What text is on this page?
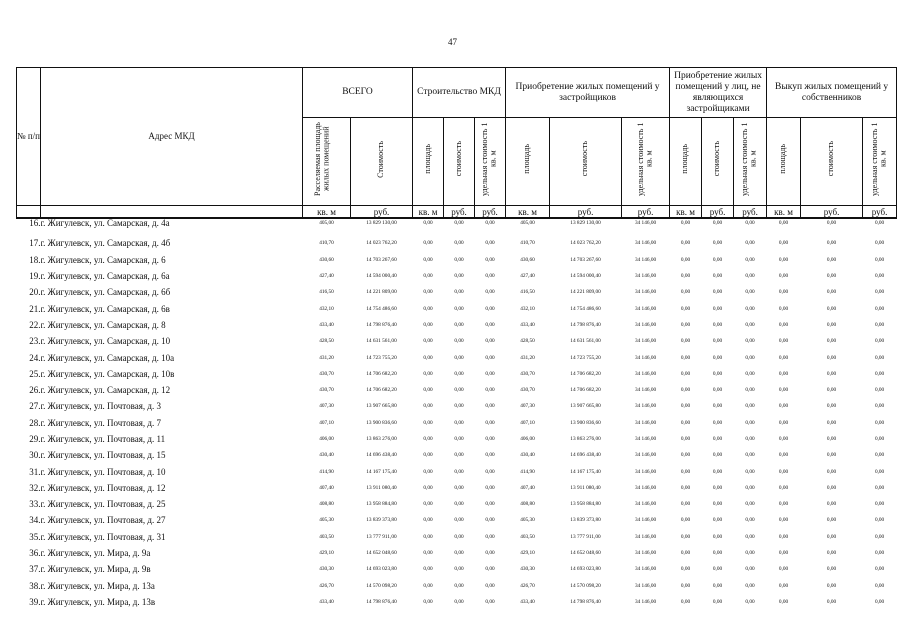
47
№ п/п	Адрес МКД	ВСЕГО		Строительство МКД			Приобретение жилых помещений у застройщиков			Приобретение жилых помещений у лиц, не являющихся застройщиками			Выкуп жилых помещений у собственников		
		Расселяемая площадь жилых помещений	Стоимость	площадь	стоимость	удельная стоимость 1 кв. м	площадь	стоимость	удельная стоимость 1 кв. м	площадь	стоимость	удельная стоимость 1 кв. м	площадь	стоимость	удельная стоимость 1 кв. м
		кв. м	руб.	кв. м	руб.	руб.	кв. м	руб.	руб.	кв. м	руб.	руб.	кв. м	руб.	руб.
16.	г. Жигулевск, ул. Самарская, д. 4а	405,00	13 829 130,00	0,00	0,00	0,00	405,00	13 829 130,00	34 146,00	0,00	0,00	0,00	0,00	0,00	0,00
17.	г. Жигулевск, ул. Самарская, д. 4б	410,70	14 023 762,20	0,00	0,00	0,00	410,70	14 023 762,20	34 146,00	0,00	0,00	0,00	0,00	0,00	0,00
18.	г. Жигулевск, ул. Самарская, д. 6	430,60	14 703 267,60	0,00	0,00	0,00	430,60	14 703 267,60	34 146,00	0,00	0,00	0,00	0,00	0,00	0,00
19.	г. Жигулевск, ул. Самарская, д. 6а	427,40	14 594 000,40	0,00	0,00	0,00	427,40	14 594 000,40	34 146,00	0,00	0,00	0,00	0,00	0,00	0,00
20.	г. Жигулевск, ул. Самарская, д. 6б	416,50	14 221 809,00	0,00	0,00	0,00	416,50	14 221 809,00	34 146,00	0,00	0,00	0,00	0,00	0,00	0,00
21.	г. Жигулевск, ул. Самарская, д. 6в	432,10	14 754 486,60	0,00	0,00	0,00	432,10	14 754 486,60	34 146,00	0,00	0,00	0,00	0,00	0,00	0,00
22.	г. Жигулевск, ул. Самарская, д. 8	433,40	14 798 876,40	0,00	0,00	0,00	433,40	14 798 876,40	34 146,00	0,00	0,00	0,00	0,00	0,00	0,00
23.	г. Жигулевск, ул. Самарская, д. 10	428,50	14 631 561,00	0,00	0,00	0,00	428,50	14 631 561,00	34 146,00	0,00	0,00	0,00	0,00	0,00	0,00
24.	г. Жигулевск, ул. Самарская, д. 10а	431,20	14 723 755,20	0,00	0,00	0,00	431,20	14 723 755,20	34 146,00	0,00	0,00	0,00	0,00	0,00	0,00
25.	г. Жигулевск, ул. Самарская, д. 10в	430,70	14 706 682,20	0,00	0,00	0,00	430,70	14 706 682,20	34 146,00	0,00	0,00	0,00	0,00	0,00	0,00
26.	г. Жигулевск, ул. Самарская, д. 12	430,70	14 706 682,20	0,00	0,00	0,00	430,70	14 706 682,20	34 146,00	0,00	0,00	0,00	0,00	0,00	0,00
27.	г. Жигулевск, ул. Почтовая, д. 3	407,30	13 907 665,80	0,00	0,00	0,00	407,30	13 907 665,80	34 146,00	0,00	0,00	0,00	0,00	0,00	0,00
28.	г. Жигулевск, ул. Почтовая, д. 7	407,10	13 900 836,60	0,00	0,00	0,00	407,10	13 900 836,60	34 146,00	0,00	0,00	0,00	0,00	0,00	0,00
29.	г. Жигулевск, ул. Почтовая, д. 11	406,00	13 863 276,00	0,00	0,00	0,00	406,00	13 863 276,00	34 146,00	0,00	0,00	0,00	0,00	0,00	0,00
30.	г. Жигулевск, ул. Почтовая, д. 15	430,40	14 696 438,40	0,00	0,00	0,00	430,40	14 696 438,40	34 146,00	0,00	0,00	0,00	0,00	0,00	0,00
31.	г. Жигулевск, ул. Почтовая, д. 10	414,90	14 167 175,40	0,00	0,00	0,00	414,90	14 167 175,40	34 146,00	0,00	0,00	0,00	0,00	0,00	0,00
32.	г. Жигулевск, ул. Почтовая, д. 12	407,40	13 911 080,40	0,00	0,00	0,00	407,40	13 911 080,40	34 146,00	0,00	0,00	0,00	0,00	0,00	0,00
33.	г. Жигулевск, ул. Почтовая, д. 25	408,80	13 958 884,80	0,00	0,00	0,00	408,80	13 958 884,80	34 146,00	0,00	0,00	0,00	0,00	0,00	0,00
34.	г. Жигулевск, ул. Почтовая, д. 27	405,30	13 839 373,80	0,00	0,00	0,00	405,30	13 839 373,80	34 146,00	0,00	0,00	0,00	0,00	0,00	0,00
35.	г. Жигулевск, ул. Почтовая, д. 31	403,50	13 777 911,00	0,00	0,00	0,00	403,50	13 777 911,00	34 146,00	0,00	0,00	0,00	0,00	0,00	0,00
36.	г. Жигулевск, ул. Мира, д. 9а	429,10	14 652 048,60	0,00	0,00	0,00	429,10	14 652 048,60	34 146,00	0,00	0,00	0,00	0,00	0,00	0,00
37.	г. Жигулевск, ул. Мира, д. 9в	430,30	14 693 023,80	0,00	0,00	0,00	430,30	14 693 023,80	34 146,00	0,00	0,00	0,00	0,00	0,00	0,00
38.	г. Жигулевск, ул. Мира, д. 13а	426,70	14 570 098,20	0,00	0,00	0,00	426,70	14 570 098,20	34 146,00	0,00	0,00	0,00	0,00	0,00	0,00
39.	г. Жигулевск, ул. Мира, д. 13в	433,40	14 798 876,40	0,00	0,00	0,00	433,40	14 798 876,40	34 146,00	0,00	0,00	0,00	0,00	0,00	0,00
